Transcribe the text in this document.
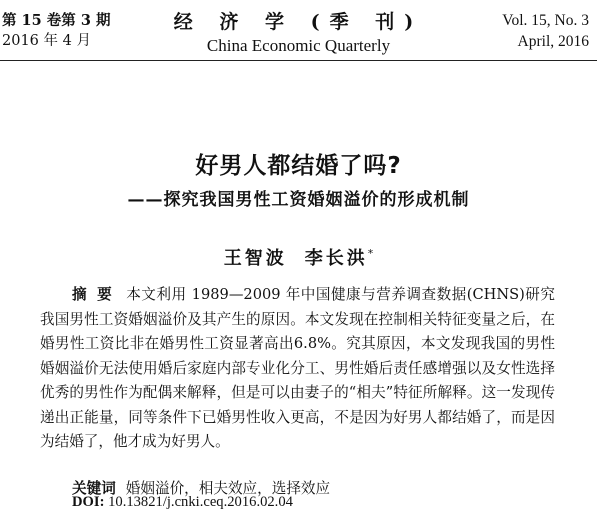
第 15 卷第 3 期
2016 年 4 月
经 济 学 (季 刊)
China Economic Quarterly
Vol. 15, No. 3
April, 2016
好男人都结婚了吗?
——探究我国男性工资婚姻溢价的形成机制
王智波 李长洪*
摘要 本文利用 1989—2009 年中国健康与营养调查数据(CHNS)研究我国男性工资婚姻溢价及其产生的原因。本文发现在控制相关特征变量之后，在婚男性工资比非在婚男性工资显著高出6.8%。究其原因，本文发现我国的男性婚姻溢价无法使用婚后家庭内部专业化分工、男性婚后责任感增强以及女性选择优秀的男性作为配偶来解释，但是可以由妻子的“相夫”特征所解释。这一发现传递出正能量，同等条件下已婚男性收入更高，不是因为好男人都结婚了，而是因为结婚了，他才成为好男人。
关键词 婚姻溢价，相夫效应，选择效应
DOI: 10.13821/j.cnki.ceq.2016.02.04
